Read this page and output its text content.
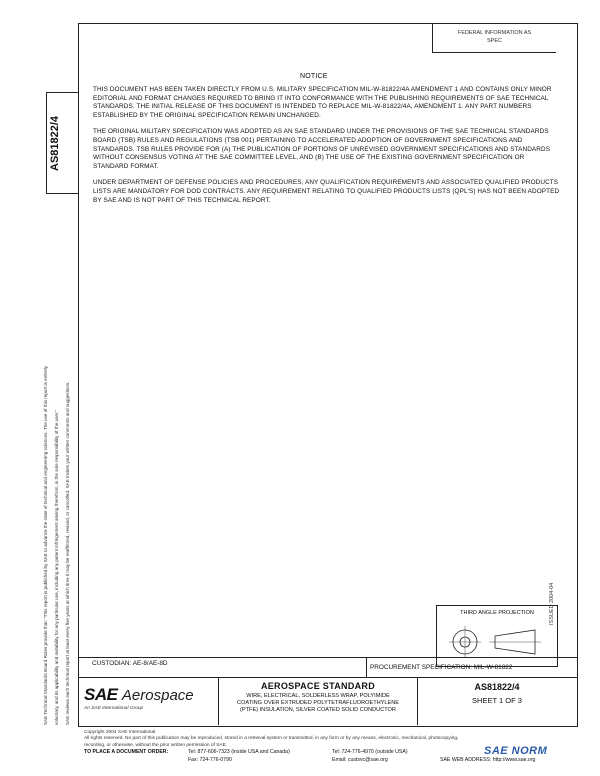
FEDERAL INFORMATION AS
SPEC
AS81822/4

SAE Technical Standards Board Rules provide that: "This report is published by SAE to advance the state of technical and engineering sciences. The use of this report is entirely voluntary, and its applicability and suitability for any particular use, including any patent infringement arising therefrom, is the sole responsibility of the user." SAE reviews each technical report at least every five years at which time it may be reaffirmed, revised, or cancelled. SAE invites your written comments and suggestions.	ISSUED 2004-04
NOTICE

THIS DOCUMENT HAS BEEN TAKEN DIRECTLY FROM U.S. MILITARY SPECIFICATION MIL-W-81822/4A AMENDMENT 1 AND CONTAINS ONLY MINOR EDITORIAL AND FORMAT CHANGES REQUIRED TO BRING IT INTO CONFORMANCE WITH THE PUBLISHING REQUIREMENTS OF SAE TECHNICAL STANDARDS. THE INITIAL RELEASE OF THIS DOCUMENT IS INTENDED TO REPLACE MIL-W-81822/4A, AMENDMENT 1. ANY PART NUMBERS ESTABLISHED BY THE ORIGINAL SPECIFICATION REMAIN UNCHANGED.

THE ORIGINAL MILITARY SPECIFICATION WAS ADOPTED AS AN SAE STANDARD UNDER THE PROVISIONS OF THE SAE TECHNICAL STANDARDS BOARD (TSB) RULES AND REGULATIONS (TSB 001) PERTAINING TO ACCELERATED ADOPTION OF GOVERNMENT SPECIFICATIONS AND STANDARDS. TSB RULES PROVIDE FOR (A) THE PUBLICATION OF PORTIONS OF UNREVISED GOVERNMENT SPECIFICATIONS AND STANDARDS WITHOUT CONSENSUS VOTING AT THE SAE COMMITTEE LEVEL, AND (B) THE USE OF THE EXISTING GOVERNMENT SPECIFICATION OR STANDARD FORMAT.

UNDER DEPARTMENT OF DEFENSE POLICIES AND PROCEDURES, ANY QUALIFICATION REQUIREMENTS AND ASSOCIATED QUALIFIED PRODUCTS LISTS ARE MANDATORY FOR DOD CONTRACTS. ANY REQUIREMENT RELATING TO QUALIFIED PRODUCTS LISTS (QPL'S) HAS NOT BEEN ADOPTED BY SAE AND IS NOT PART OF THIS TECHNICAL REPORT.

THIRD ANGLE PROJECTION
CUSTODIAN: AE-8/AE-8D
PROCUREMENT SPECIFICATION: MIL-W-81822
SAE Aerospace
An SAE International Group
AEROSPACE STANDARD
WIRE, ELECTRICAL, SOLDERLESS WRAP, POLYIMIDE
COATING OVER EXTRUDED POLYTETRAFLUOROETHYLENE
(PTFE) INSULATION, SILVER COATED SOLID CONDUCTOR
AS81822/4
SHEET 1 OF 3
Copyright 2004 SAE International
All rights reserved. No part of this publication may be reproduced, stored in a retrieval system or transmitted, in any form or by any means, electronic, mechanical, photocopying,
recording, or otherwise, without the prior written permission of SAE.
TO PLACE A DOCUMENT ORDER:	Tel: 877-606-7323 (inside USA and Canada)	Tel: 724-776-4970 (outside USA)
Fax: 724-776-0790	Email: custsvc@sae.org	SAE WEB ADDRESS: http://www.sae.org
SAE NORM
